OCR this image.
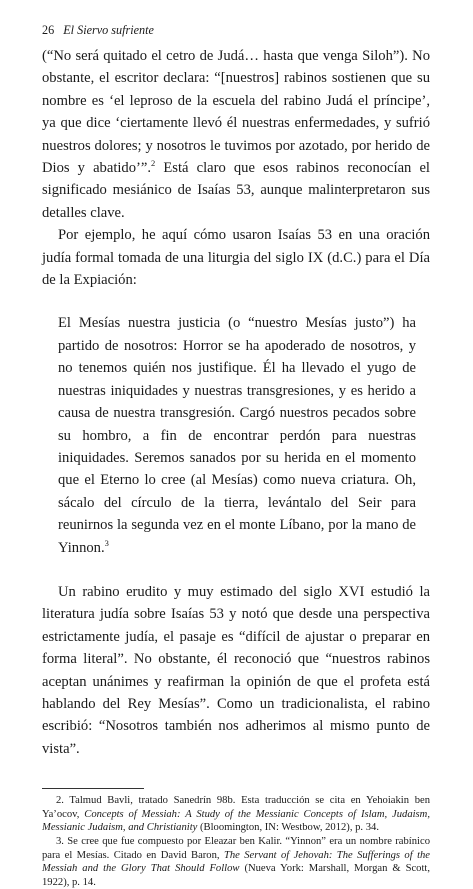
26 El Siervo sufriente

(“No será quitado el cetro de Judá… hasta que venga Siloh”). No obstante, el escritor declara: “[nuestros] rabinos sostienen que su nombre es ‘el leproso de la escuela del rabino Judá el príncipe’, ya que dice ‘ciertamente llevó él nuestras enfermedades, y sufrió nuestros dolores; y nosotros le tuvimos por azotado, por herido de Dios y abatido’”.$^2$ Está claro que esos rabinos reconocían el significado mesiánico de Isaías 53, aunque malinterpretaron sus detalles clave.

Por ejemplo, he aquí cómo usaron Isaías 53 en una oración judía formal tomada de una liturgia del siglo IX (d.C.) para el Día de la Expiación:

El Mesías nuestra justicia (o “nuestro Mesías justo”) ha partido de nosotros: Horror se ha apoderado de nosotros, y no tenemos quién nos justifique. Él ha llevado el yugo de nuestras iniquidades y nuestras transgresiones, y es herido a causa de nuestra transgresión. Cargó nuestros pecados sobre su hombro, a fin de encontrar perdón para nuestras iniquidades. Seremos sanados por su herida en el momento que el Eterno lo cree (al Mesías) como nueva criatura. Oh, sácalo del círculo de la tierra, levántalo del Seir para reunirnos la segunda vez en el monte Líbano, por la mano de Yinnon.$^3$

Un rabino erudito y muy estimado del siglo XVI estudió la literatura judía sobre Isaías 53 y notó que desde una perspectiva estrictamente judía, el pasaje es “difícil de ajustar o preparar en forma literal”. No obstante, él reconoció que “nuestros rabinos aceptan unánimes y reafirman la opinión de que el profeta está hablando del Rey Mesías”. Como un tradicionalista, el rabino escribió: “Nosotros también nos adherimos al mismo punto de vista”.

2. Talmud Bavli, tratado Sanedrín 98b. Esta traducción se cita en Yehoiakin ben Ya’ocov, Concepts of Messiah: A Study of the Messianic Concepts of Islam, Judaism, Messianic Judaism, and Christianity (Bloomington, IN: Westbow, 2012), p. 34.

3. Se cree que fue compuesto por Eleazar ben Kalir. “Yinnon” era un nombre rabínico para el Mesías. Citado en David Baron, The Servant of Jehovah: The Sufferings of the Messiah and the Glory That Should Follow (Nueva York: Marshall, Morgan & Scott, 1922), p. 14.
